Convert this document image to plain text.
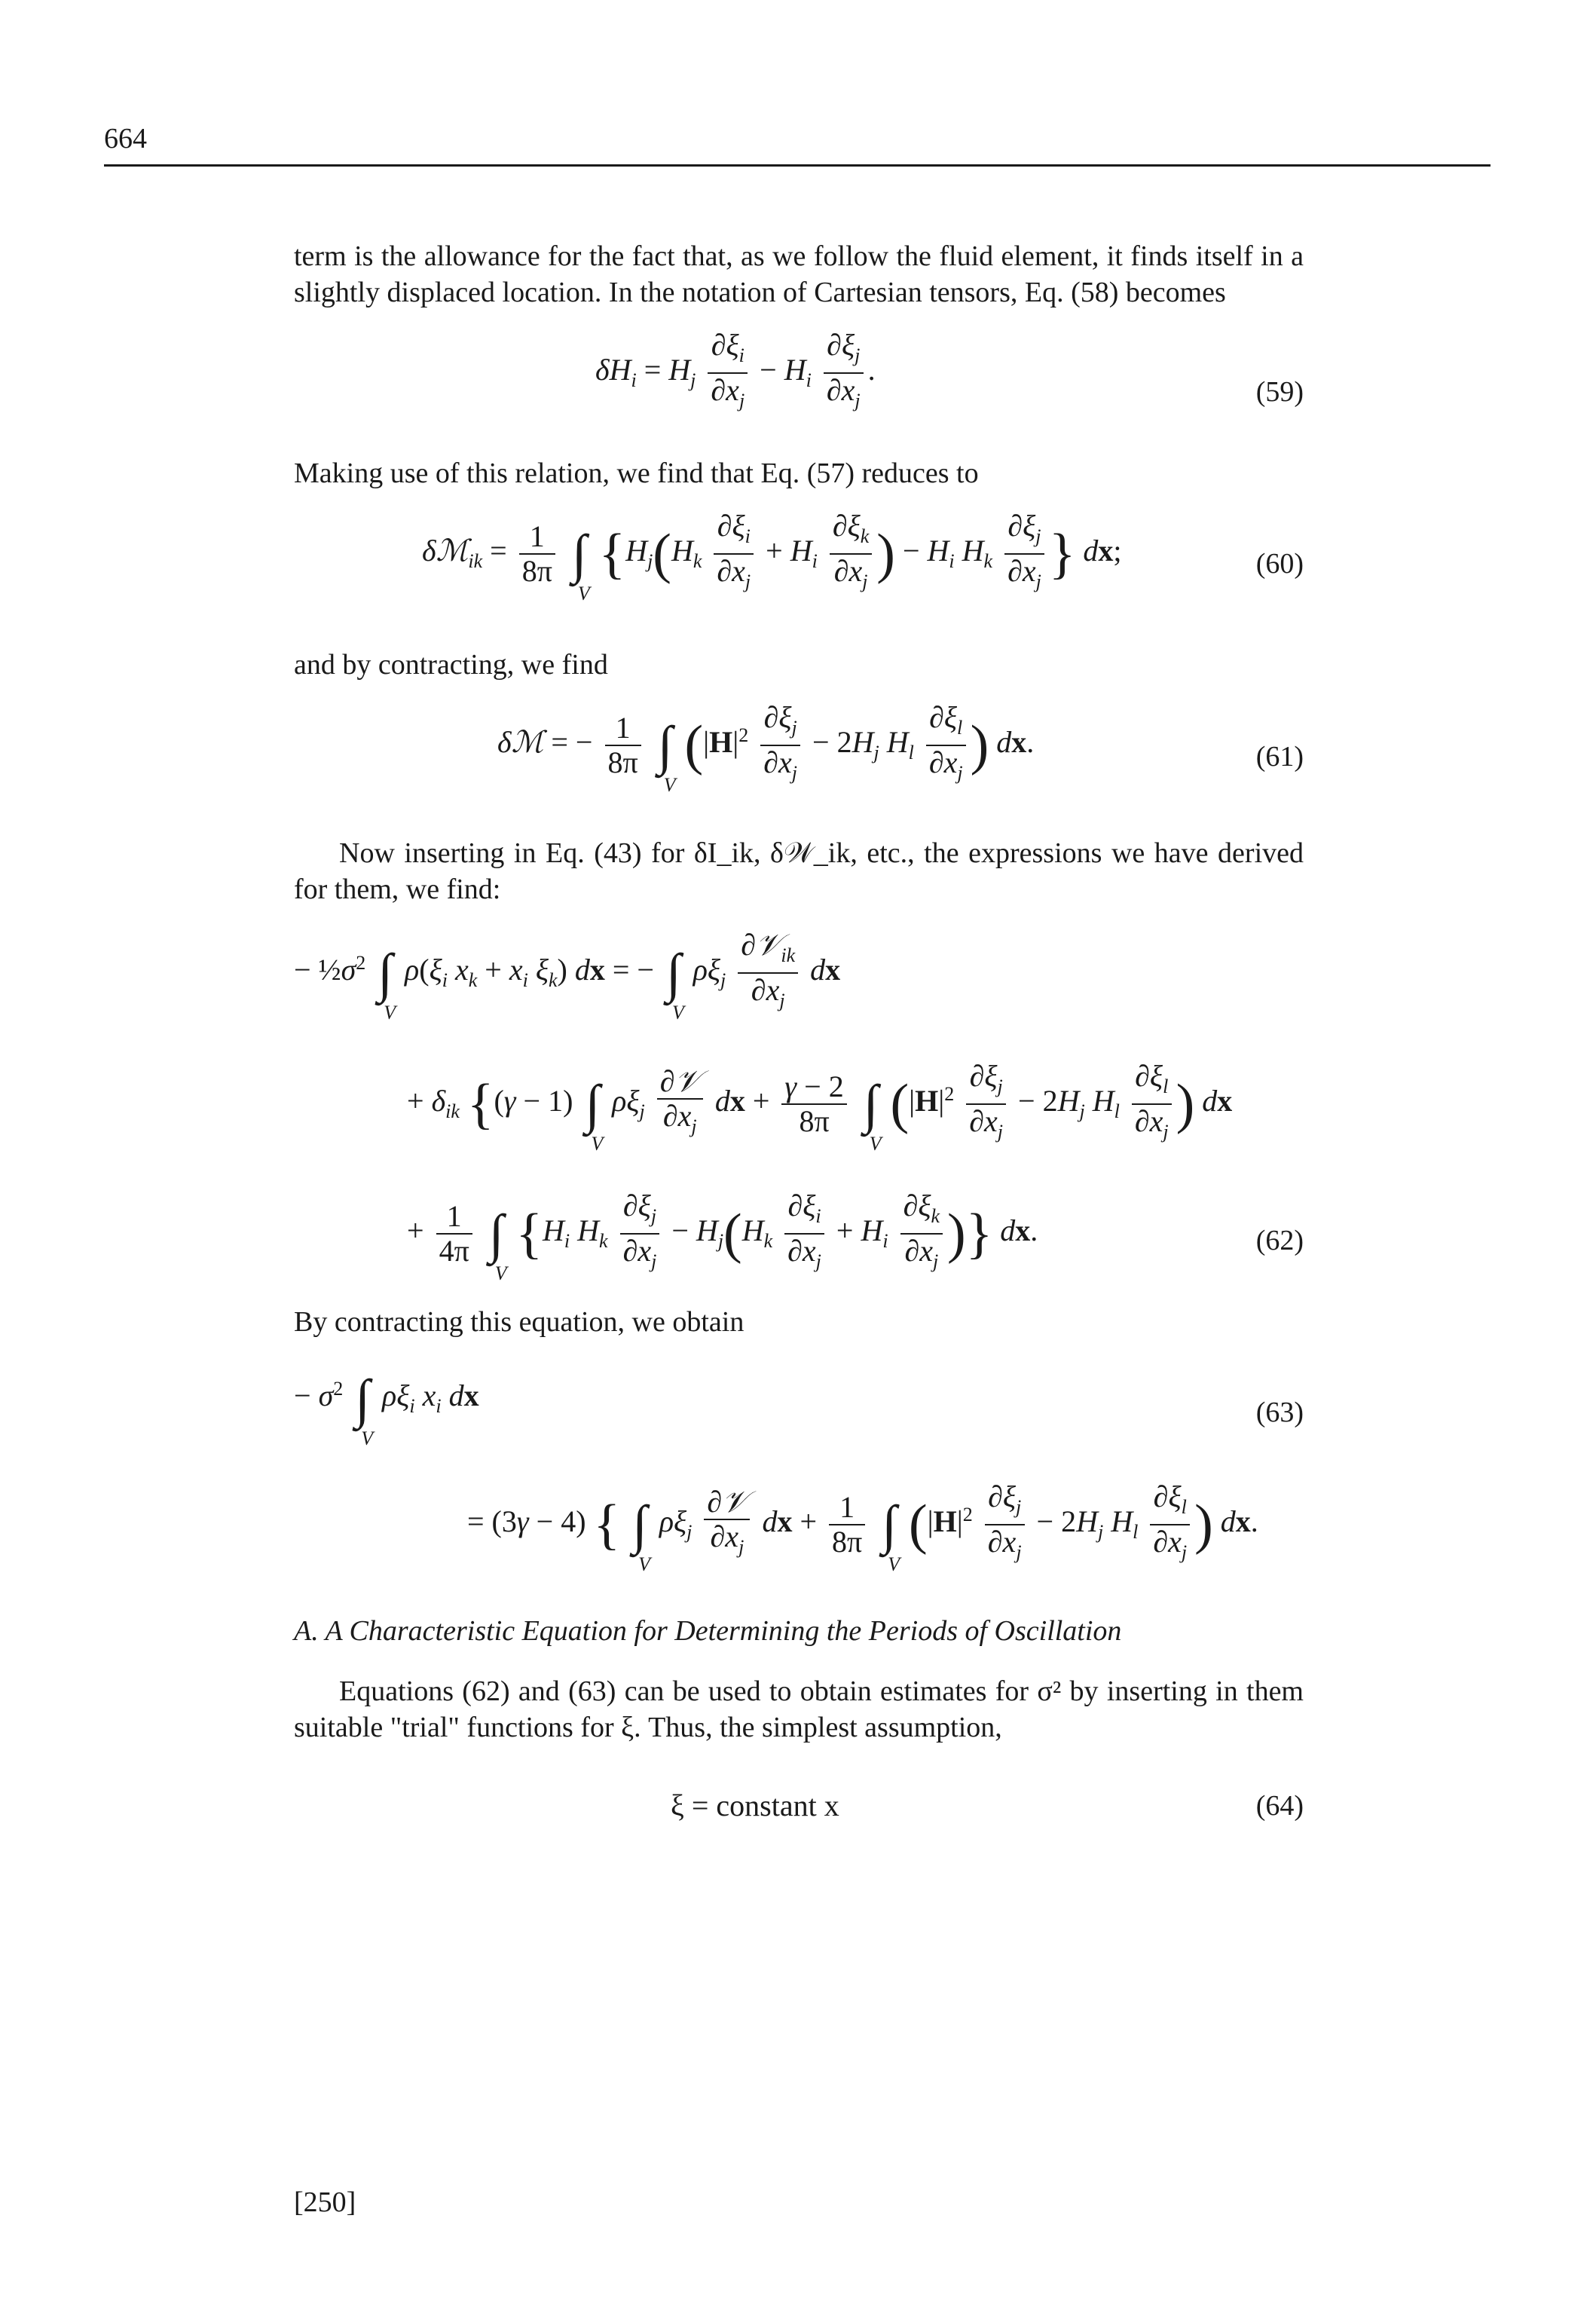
664
term is the allowance for the fact that, as we follow the fluid element, it finds itself in a slightly displaced location. In the notation of Cartesian tensors, Eq. (58) becomes
$\delta H_i = H_j \frac{\partial\xi_i}{\partial x_j} - H_i \frac{\partial\xi_j}{\partial x_j}$ .
(59)
Making use of this relation, we find that Eq. (57) reduces to
δℳ$_{ik}$ = $\frac{1}{8\pi}$ ∫
V
{$H_j(H_k \frac{\partial\xi_i}{\partial x_j} + H_i \frac{\partial\xi_k}{\partial x_j}$ ) − $H_i$ $H_k \frac{\partial\xi_j}{\partial x_j}$ } dx;	(60)
and by contracting, we find
δℳ = − $\frac{1}{8\pi}$ ∫
V
($|H|^2 \frac{\partial\xi_j}{\partial x_j} - 2H_j$ $H_l \frac{\partial\xi_l}{\partial x_j}$ ) dx.	(61)
Now inserting in Eq. (43) for δI_ik, δ𝒲_ik, etc., the expressions we have derived for them, we find:
− $\frac{1}{2}\sigma^2$ ∫
V
$\rho(\xi_i$ $x_k + x_i$ $\xi_k$) dx = − ∫
V
$\rho\xi_j \frac{\partial 𝒱_{ik}}{\partial x_j}$ dx
+ $\delta_{ik}$ {(γ − 1) ∫
V
$\rho\xi_j \frac{\text{∂𝒱}}{\partial x_j}$ dx + $\frac{\gamma - 2}{8\pi}$ ∫
V
($|H|^2 \frac{\partial\xi_j}{\partial x_j} - 2H_j$ $H_l \frac{\partial\xi_l}{\partial x_j}$ ) dx
+ $\frac{1}{4\pi}$ ∫
V
{$H_i$ $H_k \frac{\partial\xi_j}{\partial x_j} - H_j(H_k \frac{\partial\xi_i}{\partial x_j} + H_i \frac{\partial\xi_k}{\partial x_j}$ )} dx.	(62)
By contracting this equation, we obtain
− $\sigma^2$ ∫
V
$\rho\xi_i$ $x_i$ dx	(63)
= (3γ − 4) { ∫
V
$\rho\xi_j \frac{\text{∂𝒱}}{\partial x_j}$ dx + $\frac{1}{8\pi}$ ∫
V
($|H|^2 \frac{\partial\xi_j}{\partial x_j} - 2H_j$ $H_l \frac{\partial\xi_l}{\partial x_j}$ ) dx.
A. A Characteristic Equation for Determining the Periods of Oscillation
Equations (62) and (63) can be used to obtain estimates for σ² by inserting in them suitable "trial" functions for ξ. Thus, the simplest assumption,
ξ = constant x	(64)
[250]
